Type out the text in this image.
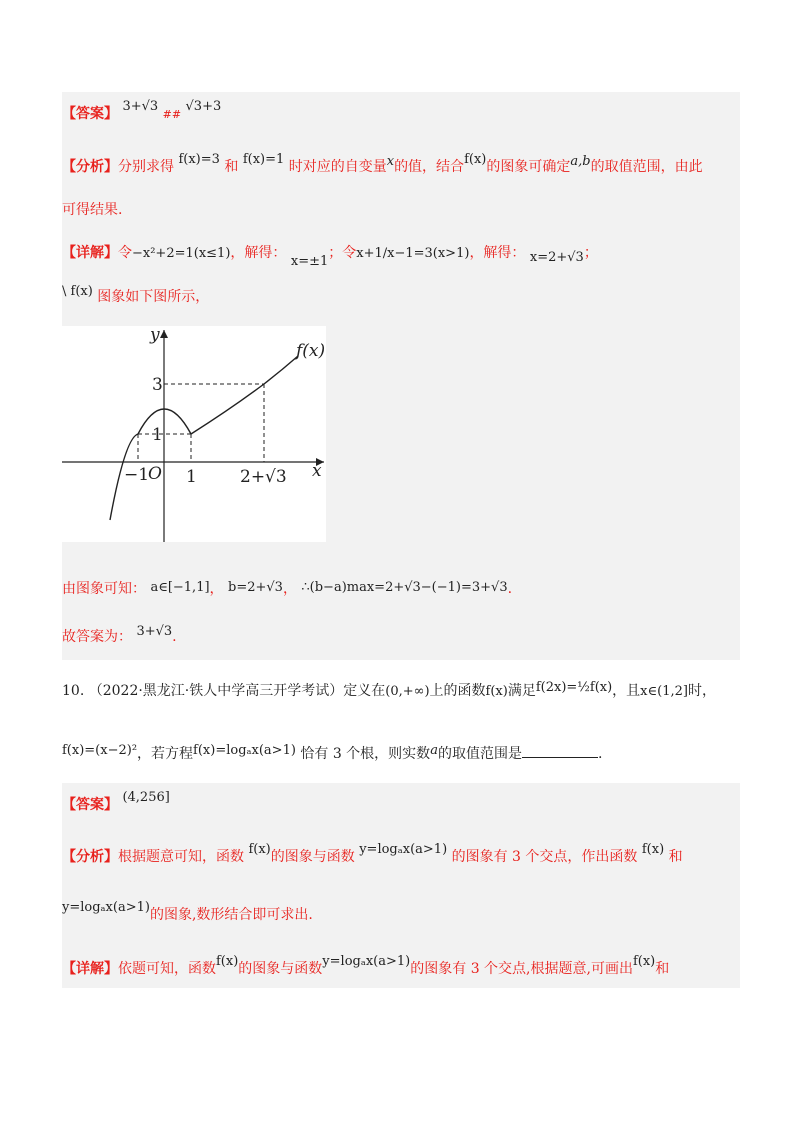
【答案】 3+√3 ## √3+3
【分析】分别求得 f(x)=3 和 f(x)=1 时对应的自变量x的值，结合f(x)的图象可确定a,b的取值范围，由此
可得结果.
【详解】令−x²+2=1(x≤1)，解得： x=±1；令x+1/x−1=3(x>1)，解得： x=2+√3；
\ f(x) 图象如下图所示，
f(x)
y
x
O
3
1
−1 1	2+√3
由图象可知： a∈[−1,1]， b=2+√3， ∴(b−a)max=2+√3−(−1)=3+√3.
故答案为： 3+√3.
10. （2022·黑龙江·铁人中学高三开学考试）定义在(0,+∞)上的函数f(x)满足f(2x)=½f(x)，且x∈(1,2]时，
f(x)=(x−2)²，若方程f(x)=logₐx(a>1) 恰有 3 个根，则实数a的取值范围是	.
【答案】 (4,256]
【分析】根据题意可知，函数 f(x)的图象与函数 y=logₐx(a>1) 的图象有 3 个交点，作出函数 f(x) 和
y=logₐx(a>1)的图象,数形结合即可求出.
【详解】依题可知，函数f(x)的图象与函数y=logₐx(a>1)的图象有 3 个交点,根据题意,可画出f(x)和
